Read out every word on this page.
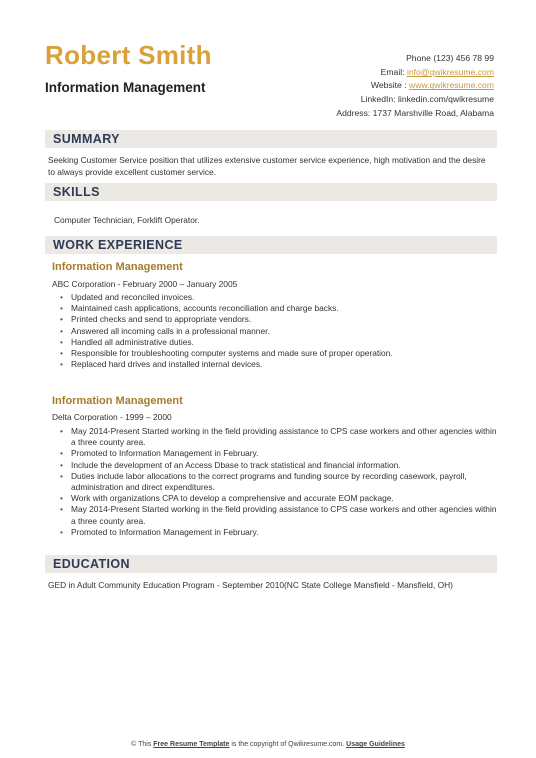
Robert Smith
Information Management
Phone (123) 456 78 99
Email: info@qwikresume.com
Website : www.qwikresume.com
LinkedIn: linkedin.com/qwikresume
Address: 1737 Marshville Road, Alabama
SUMMARY
Seeking Customer Service position that utilizes extensive customer service experience, high motivation and the desire to always provide excellent customer service.
SKILLS
Computer Technician, Forklift Operator.
WORK EXPERIENCE
Information Management
ABC Corporation - February 2000 – January 2005
• Updated and reconciled invoices.
• Maintained cash applications, accounts reconciliation and charge backs.
• Printed checks and send to appropriate vendors.
• Answered all incoming calls in a professional manner.
• Handled all administrative duties.
• Responsible for troubleshooting computer systems and made sure of proper operation.
• Replaced hard drives and installed internal devices.
Information Management
Delta Corporation - 1999 – 2000
• May 2014-Present Started working in the field providing assistance to CPS case workers and other agencies within a three county area.
• Promoted to Information Management in February.
• Include the development of an Access Dbase to track statistical and financial information.
• Duties include labor allocations to the correct programs and funding source by recording casework, payroll, administration and direct expenditures.
• Work with organizations CPA to develop a comprehensive and accurate EOM package.
• May 2014-Present Started working in the field providing assistance to CPS case workers and other agencies within a three county area.
• Promoted to Information Management in February.
EDUCATION
GED in Adult Community Education Program - September 2010(NC State College Mansfield - Mansfield, OH)
© This Free Resume Template is the copyright of Qwikresume.com. Usage Guidelines
